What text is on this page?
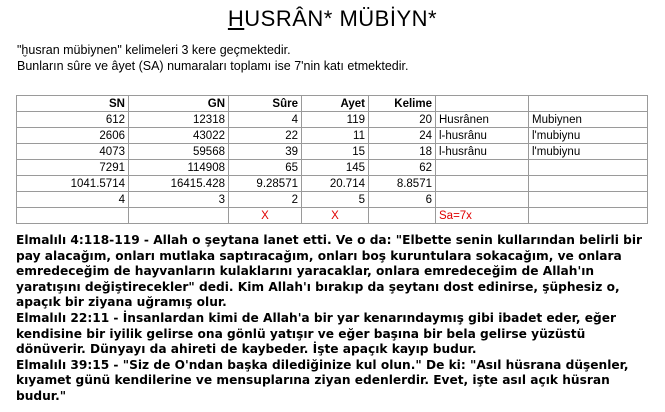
HUSRÂN* MÜBİYN*
"ḫusran mübiynen" kelimeleri 3 kere geçmektedir.
Bunların sûre ve âyet (SA) numaraları toplamı ise 7'nin katı etmektedir.
SN	GN	Sûre	Ayet	Kelime		
612	12318	4	119	20	Husrânen	Mubiynen
2606	43022	22	11	24	l-husrânu	l'mubiynu
4073	59568	39	15	18	l-husrânu	l'mubiynu
7291	114908	65	145	62		
1041.5714	16415.428	9.28571	20.714	8.8571		
4	3	2	5	6		
		X	X		Sa=7x	

Elmalılı 4:118-119 - Allah o şeytana lanet etti. Ve o da: "Elbette senin kullarından belirli bir pay alacağım, onları mutlaka saptıracağım, onları boş kuruntulara sokacağım, ve onlara emredeceğim de hayvanların kulaklarını yaracaklar, onlara emredeceğim de Allah'ın yaratışını değiştirecekler" dedi. Kim Allah'ı bırakıp da şeytanı dost edinirse, şüphesiz o, apaçık bir ziyana uğramış olur.

Elmalılı 22:11 - İnsanlardan kimi de Allah'a bir yar kenarındaymış gibi ibadet eder, eğer kendisine bir iyilik gelirse ona gönlü yatışır ve eğer başına bir bela gelirse yüzüstü dönüverir. Dünyayı da ahireti de kaybeder. İşte apaçık kayıp budur.

Elmalılı 39:15 - "Siz de O'ndan başka dilediğinize kul olun." De ki: "Asıl hüsrana düşenler, kıyamet günü kendilerine ve mensuplarına ziyan edenlerdir. Evet, işte asıl açık hüsran budur."
